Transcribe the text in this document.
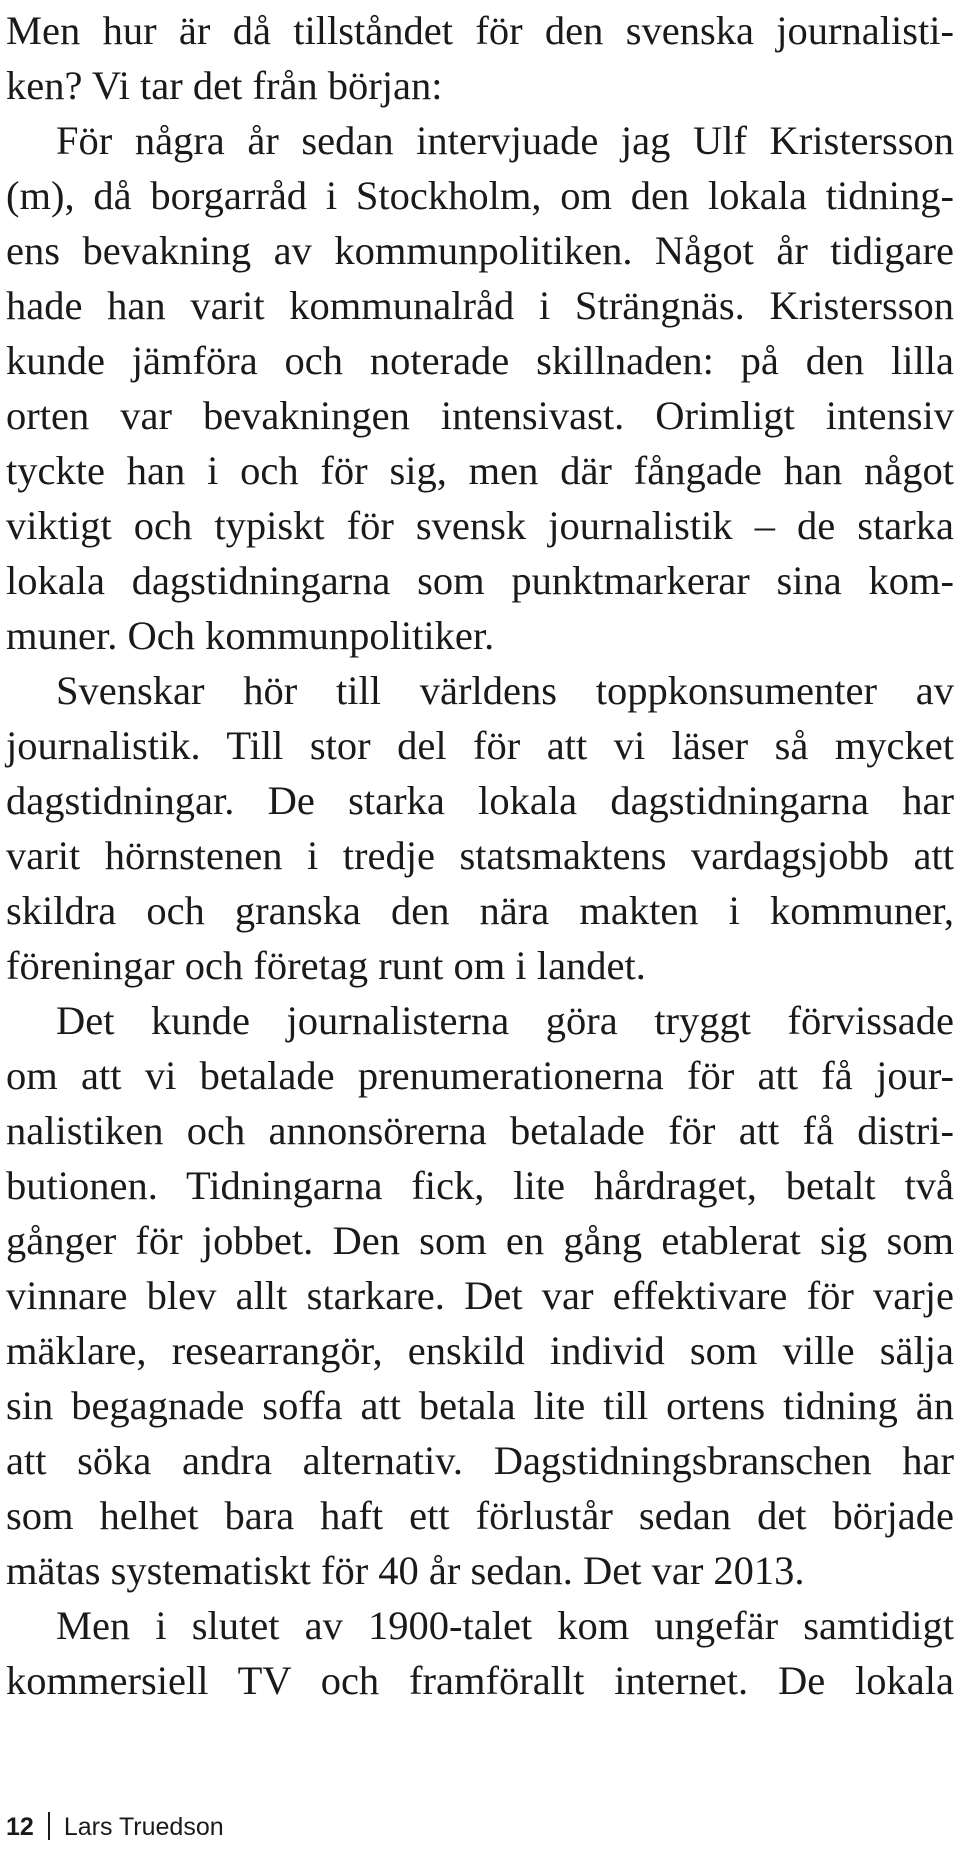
Men hur är då tillståndet för den svenska journalisti-
ken? Vi tar det från början:
För några år sedan intervjuade jag Ulf Kristersson
(m), då borgarråd i Stockholm, om den lokala tidning-
ens bevakning av kommunpolitiken. Något år tidigare
hade han varit kommunalråd i Strängnäs. Kristersson
kunde jämföra och noterade skillnaden: på den lilla
orten var bevakningen intensivast. Orimligt intensiv
tyckte han i och för sig, men där fångade han något
viktigt och typiskt för svensk journalistik – de starka
lokala dagstidningarna som punktmarkerar sina kom-
muner. Och kommunpolitiker.
Svenskar hör till världens toppkonsumenter av
journalistik. Till stor del för att vi läser så mycket
dagstidningar. De starka lokala dagstidningarna har
varit hörnstenen i tredje statsmaktens vardagsjobb att
skildra och granska den nära makten i kommuner,
föreningar och företag runt om i landet.
Det kunde journalisterna göra tryggt förvissade
om att vi betalade prenumerationerna för att få jour-
nalistiken och annonsörerna betalade för att få distri-
butionen. Tidningarna fick, lite hårdraget, betalt två
gånger för jobbet. Den som en gång etablerat sig som
vinnare blev allt starkare. Det var effektivare för varje
mäklare, researrangör, enskild individ som ville sälja
sin begagnade soffa att betala lite till ortens tidning än
att söka andra alternativ. Dagstidningsbranschen har
som helhet bara haft ett förlustår sedan det började
mätas systematiskt för 40 år sedan. Det var 2013.
Men i slutet av 1900-talet kom ungefär samtidigt
kommersiell TV och framförallt internet. De lokala
12 Lars Truedson
